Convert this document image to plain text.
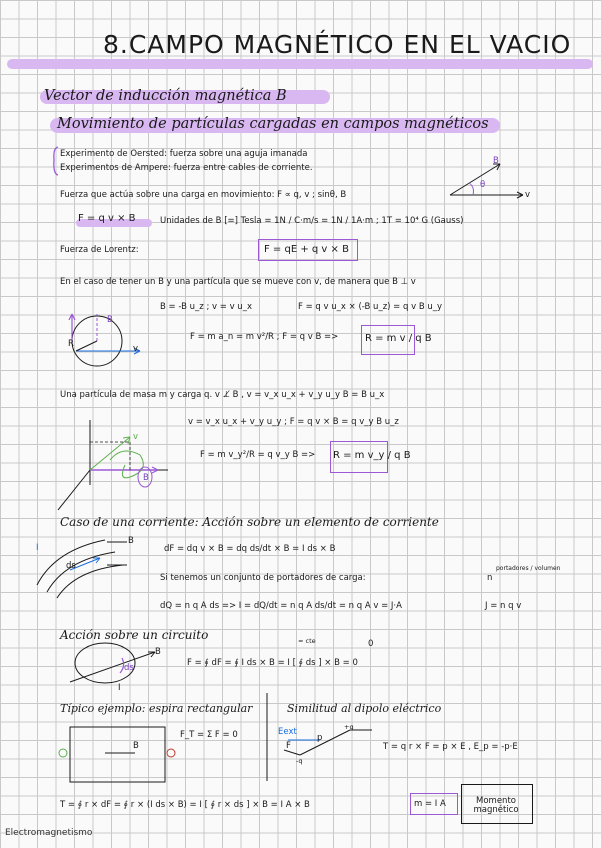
8.CAMPO MAGNÉTICO EN EL VACIO
Vector de inducción magnética B
Movimiento de partículas cargadas en campos magnéticos
Experimento de Oersted: fuerza sobre una aguja imanada
Experimentos de Ampere: fuerza entre cables de corriente.
B
θ
v
Fuerza que actúa sobre una carga en movimiento: F ∝ q, v ; sinθ, B
F = q v × B	Unidades de B [=] Tesla = 1N / C·m/s = 1N / 1A·m ; 1T = 10⁴ G (Gauss)
Fuerza de Lorentz:	F = qE + q v × B
En el caso de tener un B y una partícula que se mueve con v, de manera que B ⊥ v
B = -B u_z ; v = v u_x	F = q v u_x × (-B u_z) = q v B u_y
F = m a_n = m v²/R ; F = q v B =>	R = m v / q B
R
B
v
Una partícula de masa m y carga q. v ⊥̸ B , v = v_x u_x + v_y u_y B = B u_x
v = v_x u_x + v_y u_y ; F = q v × B = q v_y B u_z
F = m v_y²/R = q v_y B => R = m v_y / q B
v
B
Caso de una corriente: Acción sobre un elemento de corriente
I
ds
B
dF = dq v × B = dq ds/dt × B = I ds × B
Si tenemos un conjunto de portadores de carga:	n
portadores / volumen
dQ = n q A ds => I = dQ/dt = n q A ds/dt = n q A v = J·A	J = n q v
Acción sobre un circuito
ds
B
I
F = ∮ dF = ∮ I ds × B = I [ ∮ ds ] × B = 0
= cte	0
Típico ejemplo: espira rectangular
F_T = Σ F = 0
B
Similitud al dipolo eléctrico
Eext
F
p
+q
-q
T = q r × F = p × E , E_p = -p·E
T = ∮ r × dF = ∮ r × (I ds × B) = I [ ∮ r × ds ] × B = I A × B	m = I A	Momento magnético
Electromagnetismo
